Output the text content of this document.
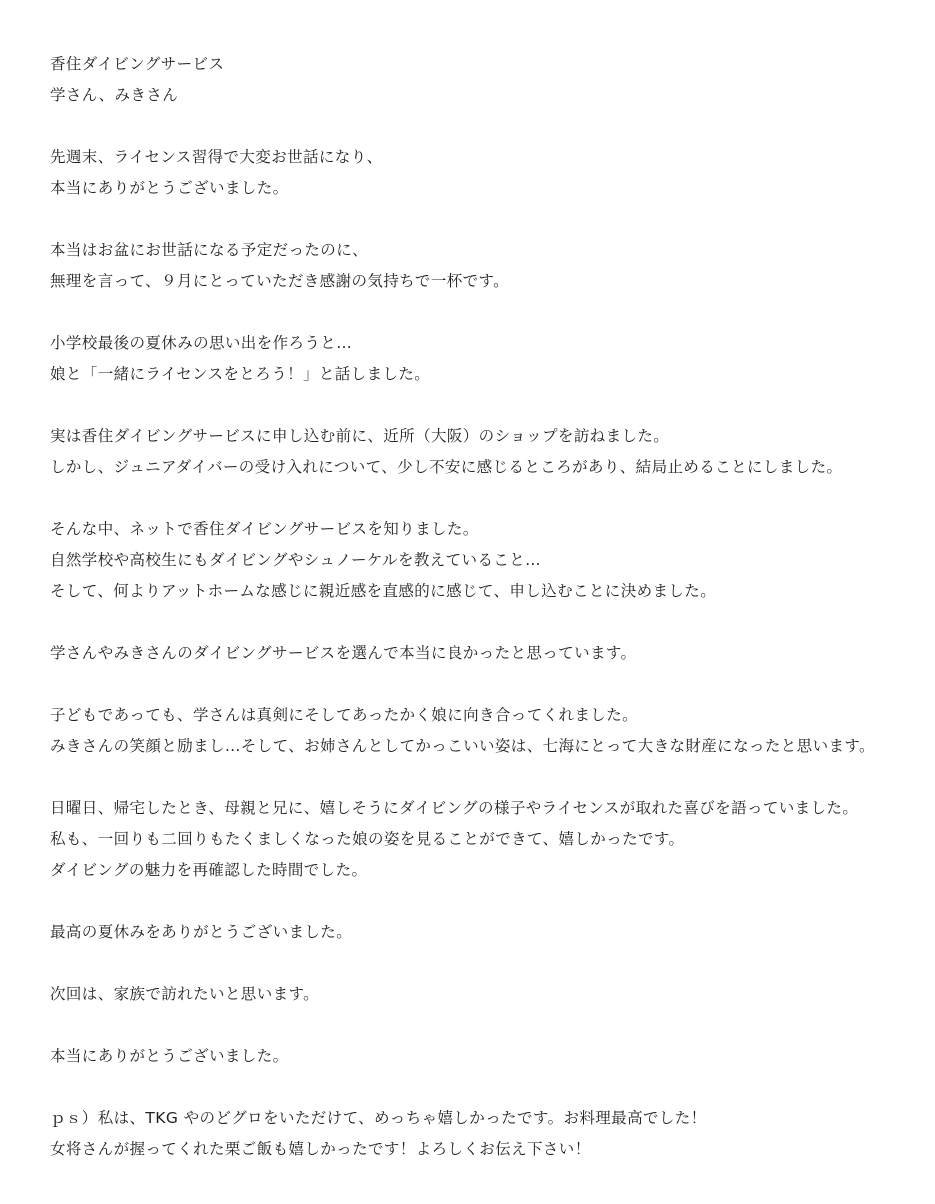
香住ダイビングサービス
学さん、みきさん
先週末、ライセンス習得で大変お世話になり、
本当にありがとうございました。
本当はお盆にお世話になる予定だったのに、
無理を言って、９月にとっていただき感謝の気持ちで一杯です。
小学校最後の夏休みの思い出を作ろうと…
娘と「一緒にライセンスをとろう！」と話しました。
実は香住ダイビングサービスに申し込む前に、近所（大阪）のショップを訪ねました。
しかし、ジュニアダイバーの受け入れについて、少し不安に感じるところがあり、結局止めることにしました。
そんな中、ネットで香住ダイビングサービスを知りました。
自然学校や高校生にもダイビングやシュノーケルを教えていること…
そして、何よりアットホームな感じに親近感を直感的に感じて、申し込むことに決めました。
学さんやみきさんのダイビングサービスを選んで本当に良かったと思っています。
子どもであっても、学さんは真剣にそしてあったかく娘に向き合ってくれました。
みきさんの笑顔と励まし…そして、お姉さんとしてかっこいい姿は、七海にとって大きな財産になったと思います。
日曜日、帰宅したとき、母親と兄に、嬉しそうにダイビングの様子やライセンスが取れた喜びを語っていました。
私も、一回りも二回りもたくましくなった娘の姿を見ることができて、嬉しかったです。
ダイビングの魅力を再確認した時間でした。
最高の夏休みをありがとうございました。
次回は、家族で訪れたいと思います。
本当にありがとうございました。
ｐｓ）私は、TKG やのどグロをいただけて、めっちゃ嬉しかったです。お料理最高でした！
女将さんが握ってくれた栗ご飯も嬉しかったです！よろしくお伝え下さい！
